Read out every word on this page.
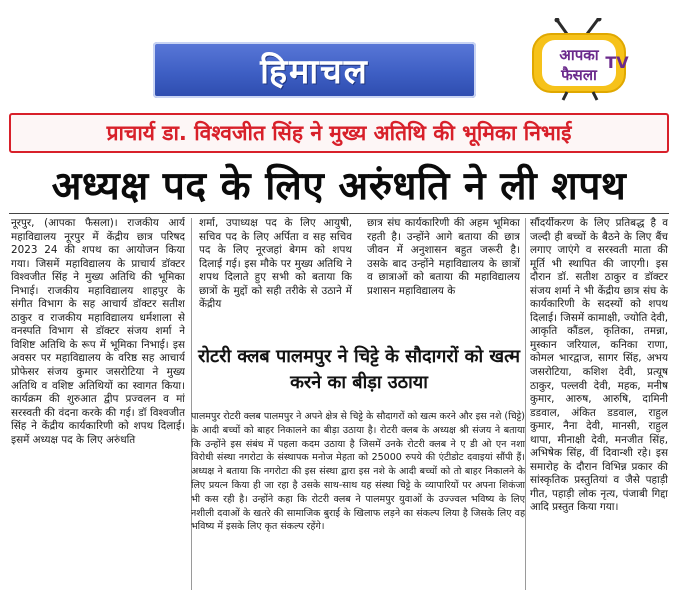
हिमाचल	आपका
फैसला
TV
प्राचार्य डा. विश्वजीत सिंह ने मुख्य अतिथि की भूमिका निभाई
अध्यक्ष पद के लिए अरुंधति ने ली शपथ

नूरपुर, (आपका फैसला)। राजकीय आर्य महाविद्यालय नूरपुर में केंद्रीय छात्र परिषद 2023 24 की शपथ का आयोजन किया गया। जिसमें महाविद्यालय के प्राचार्य डॉक्टर विश्वजीत सिंह ने मुख्य अतिथि की भूमिका निभाई। राजकीय महाविद्यालय शाहपुर के संगीत विभाग के सह आचार्य डॉक्टर सतीश ठाकुर व राजकीय महाविद्यालय धर्मशाला से वनस्पति विभाग से डॉक्टर संजय शर्मा ने विशिष्ट अतिथि के रूप में भूमिका निभाई। इस अवसर पर महाविद्यालय के वरिष्ठ सह आचार्य प्रोफेसर संजय कुमार जसरोटिया ने मुख्य अतिथि व वशिष्ट अतिथियों का स्वागत किया। कार्यक्रम की शुरुआत द्वीप प्रज्वलन व मां सरस्वती की वंदना करके की गई। डॉ विश्वजीत सिंह ने केंद्रीय कार्यकारिणी को शपथ दिलाई। इसमें अध्यक्ष पद के लिए अरुंधति

शर्मा, उपाध्यक्ष पद के लिए आयुषी, सचिव पद के लिए अर्पिता व सह सचिव पद के लिए नूरजहां बेगम को शपथ दिलाई गई। इस मौके पर मुख्य अतिथि ने शपथ दिलाते हुए सभी को बताया कि छात्रों के मुद्दों को सही तरीके से उठाने में केंद्रीय

छात्र संघ कार्यकारिणी की अहम भूमिका रहती है। उन्होंने आगे बताया की छात्र जीवन में अनुशासन बहुत जरूरी है। उसके बाद उन्होंने महाविद्यालय के छात्रों व छात्राओं को बताया की महाविद्यालय प्रशासन महाविद्यालय के

रोटरी क्लब पालमपुर ने चिट्टे के सौदागरों को खत्म करने का बीड़ा उठाया

पालमपुर रोटरी क्लब पालमपुर ने अपने क्षेत्र से चिट्टे के सौदागरों को खत्म करने और इस नशे (चिट्टे) के आदी बच्चों को बाहर निकालने का बीड़ा उठाया है। रोटरी क्लब के अध्यक्ष श्री संजय ने बताया कि उन्होंने इस संबंध में पहला कदम उठाया है जिसमें उनके रोटरी क्लब ने ए डी ओ एन नशा विरोधी संस्था नगरोटा के संस्थापक मनोज मेहता को 25000 रुपये की एंटीडोट दवाइयां सौंपी हैं। अध्यक्ष ने बताया कि नगरोटा की इस संस्था द्वारा इस नशे के आदी बच्चों को तो बाहर निकालने के लिए प्रयत्न किया ही जा रहा है उसके साथ-साथ यह संस्था चिट्टे के व्यापारियों पर अपना शिकंजा भी कस रही है। उन्होंने कहा कि रोटरी क्लब ने पालमपुर युवाओं के उज्ज्वल भविष्य के लिए नशीली दवाओं के खतरे की सामाजिक बुराई के खिलाफ लड़ने का संकल्प लिया है जिसके लिए वह भविष्य में इसके लिए कृत संकल्प रहेंगे।

सौंदर्यीकरण के लिए प्रतिबद्ध है व जल्दी ही बच्चों के बैठने के लिए बैंच लगाए जाएंगे व सरस्वती माता की मूर्ति भी स्थापित की जाएगी। इस दौरान डॉ. सतीश ठाकुर व डॉक्टर संजय शर्मा ने भी केंद्रीय छात्र संघ के कार्यकारिणी के सदस्यों को शपथ दिलाई। जिसमें कामाक्षी, ज्योति देवी, आकृति कौंडल, कृतिका, तमन्ना, मुस्कान जरियाल, कनिका राणा, कोमल भारद्वाज, सागर सिंह, अभय जसरोटिया, कशिश देवी, प्रत्यूष ठाकुर, पल्लवी देवी, महक, मनीष कुमार, आरुष, आरुषि, दामिनी डडवाल, अंकित डडवाल, राहुल कुमार, नैना देवी, मानसी, राहुल थापा, मीनाक्षी देवी, मनजीत सिंह, अभिषेक सिंह, वीं दिवान्शी रहे। इस समारोह के दौरान विभिन्न प्रकार की सांस्कृतिक प्रस्तुतियां व जैसे पहाड़ी गीत, पहाड़ी लोक नृत्य, पंजाबी गिद्दा आदि प्रस्तुत किया गया।
